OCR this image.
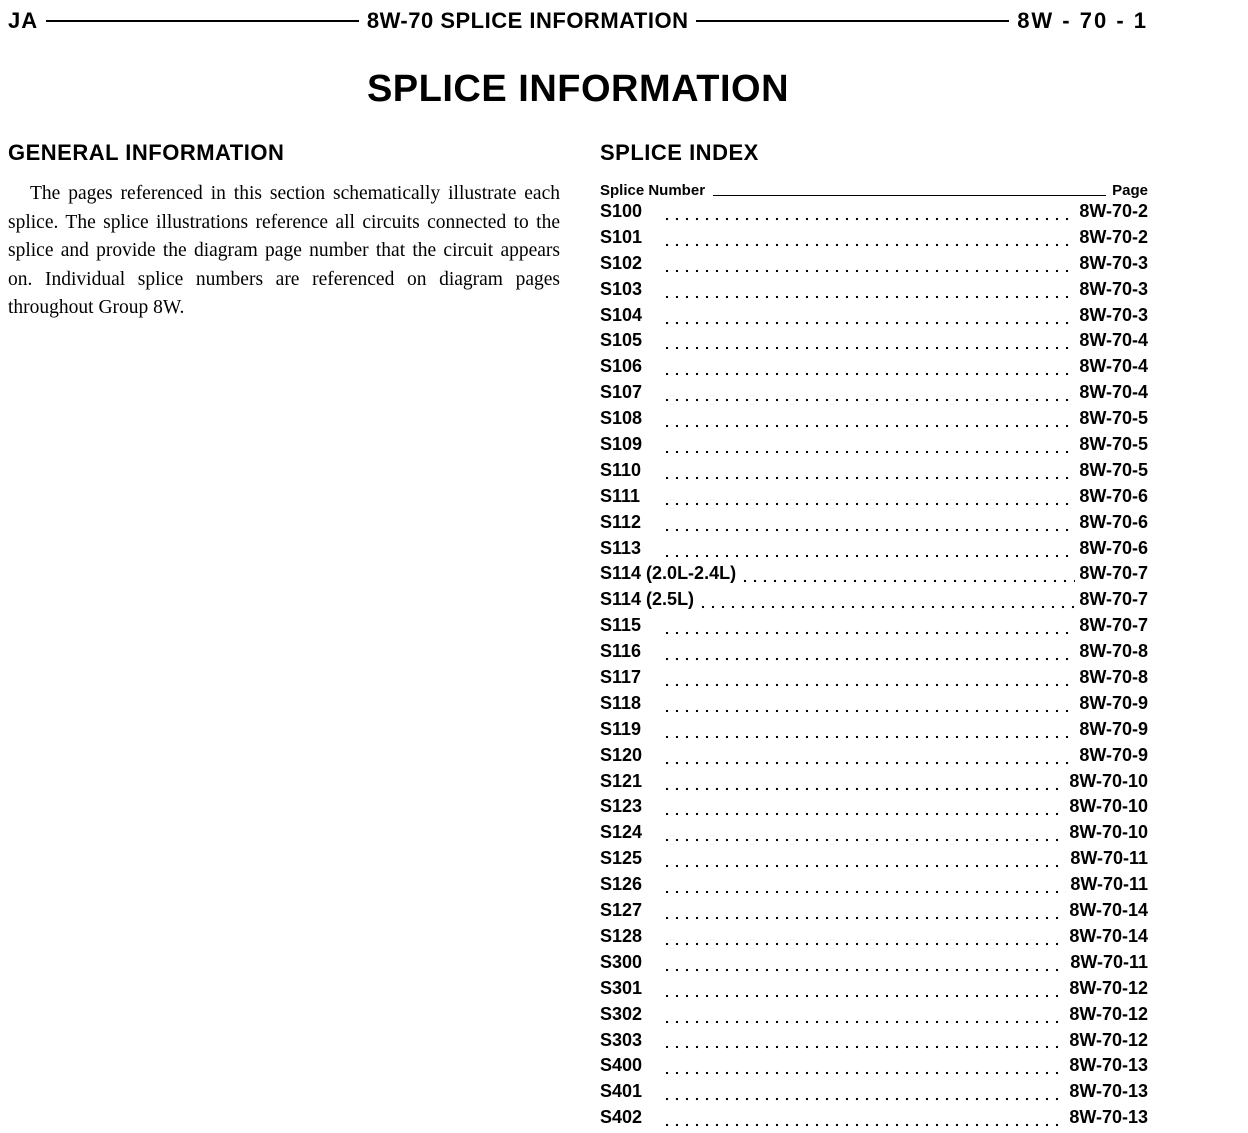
JA	8W-70 SPLICE INFORMATION	8W - 70 - 1
SPLICE INFORMATION
GENERAL INFORMATION

The pages referenced in this section schematically illustrate each splice. The splice illustrations reference all circuits connected to the splice and provide the diagram page number that the circuit appears on. Individual splice numbers are referenced on diagram pages throughout Group 8W.

SPLICE INDEX
Splice Number	Page
S100	8W-70-2
S101	8W-70-2
S102	8W-70-3
S103	8W-70-3
S104	8W-70-3
S105	8W-70-4
S106	8W-70-4
S107	8W-70-4
S108	8W-70-5
S109	8W-70-5
S110	8W-70-5
S111	8W-70-6
S112	8W-70-6
S113	8W-70-6
S114 (2.0L-2.4L)	8W-70-7
S114 (2.5L)	8W-70-7
S115	8W-70-7
S116	8W-70-8
S117	8W-70-8
S118	8W-70-9
S119	8W-70-9
S120	8W-70-9
S121	8W-70-10
S123	8W-70-10
S124	8W-70-10
S125	8W-70-11
S126	8W-70-11
S127	8W-70-14
S128	8W-70-14
S300	8W-70-11
S301	8W-70-12
S302	8W-70-12
S303	8W-70-12
S400	8W-70-13
S401	8W-70-13
S402	8W-70-13
